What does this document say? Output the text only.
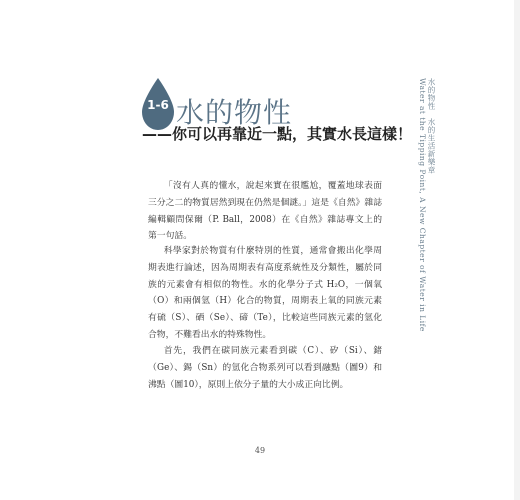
1-6 水的物性
——你可以再靠近一點，其實水長這樣！ Water at the Tipping Point, A New Chapter of Water in Life 水的物性　水的生活新樂章
「沒有人真的懂水，說起來實在很尷尬，覆蓋地球表面三分之二的物質居然到現在仍然是個謎。」這是《自然》雜誌編輯顧問保爾（P. Ball，2008）在《自然》雜誌專文上的第一句話。
科學家對於物質有什麼特別的性質，通常會搬出化學周期表進行論述，因為周期表有高度系統性及分類性，屬於同族的元素會有相似的物性。水的化學分子式 H₂O，一個氧（O）和兩個氫（H）化合的物質，周期表上氧的同族元素有硫（S）、硒（Se）、碲（Te），比較這些同族元素的氫化合物，不難看出水的特殊物性。
首先，我們在碳同族元素看到碳（C）、矽（Si）、鍺（Ge）、錫（Sn）的氫化合物系列可以看到融點（圖9）和沸點（圖10），原則上依分子量的大小成正向比例。
49
